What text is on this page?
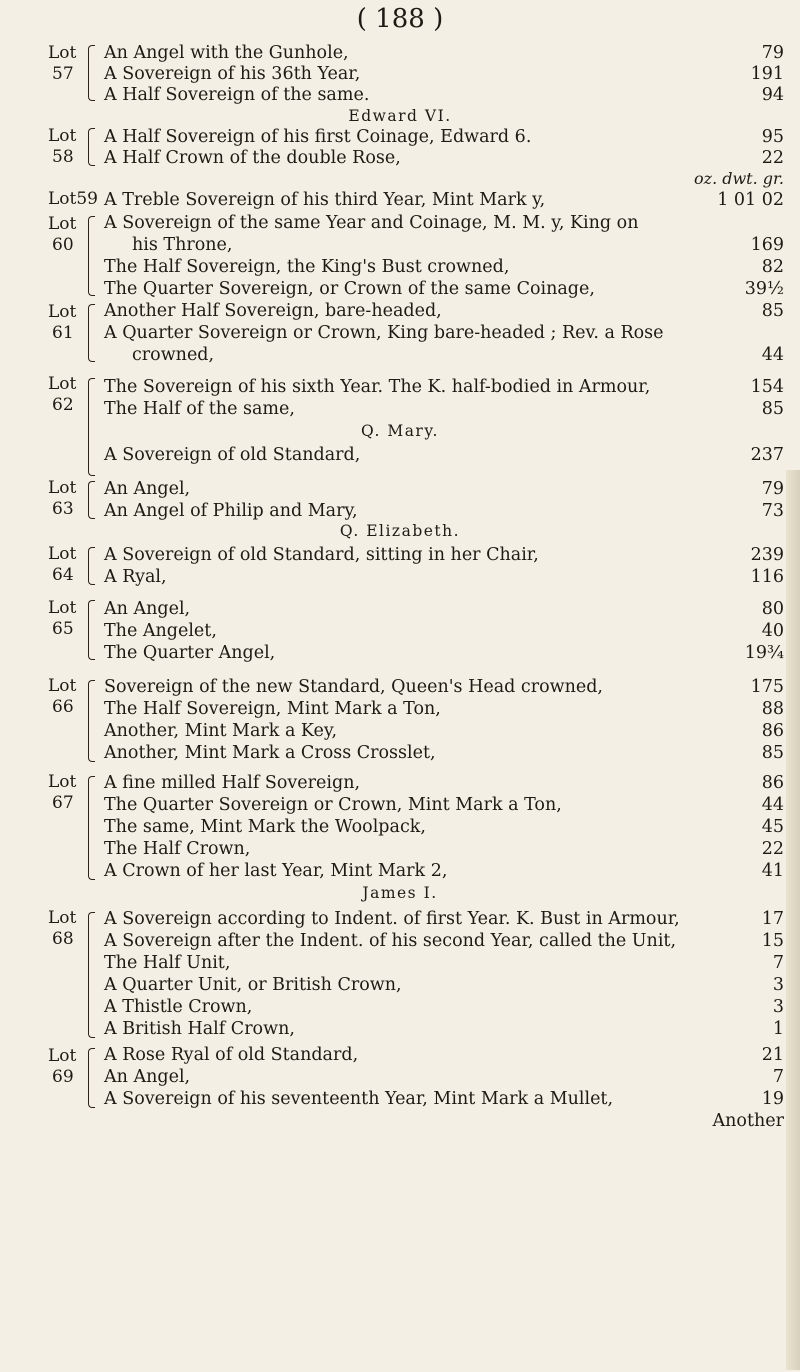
( 188 )
Lot
57
An Angel with the Gunhole,	79
A Sovereign of his 36th Year,	191
A Half Sovereign of the same.	94
Edward VI.
Lot
58
A Half Sovereign of his first Coinage, Edward 6.	95
A Half Crown of the double Rose,	22
oz. dwt. gr.
Lot59 A Treble Sovereign of his third Year, Mint Mark y,	1 01 02
Lot
60
A Sovereign of the same Year and Coinage, M. M. y, King on
his Throne,	169
The Half Sovereign, the King's Bust crowned,	82
The Quarter Sovereign, or Crown of the same Coinage,	39½
Lot
61
Another Half Sovereign, bare-headed,	85
A Quarter Sovereign or Crown, King bare-headed ; Rev. a Rose
crowned,	44
Lot
62
The Sovereign of his sixth Year. The K. half-bodied in Armour,	154
The Half of the same,	85
Q. Mary.
A Sovereign of old Standard,	237
Lot
63
An Angel,	79
An Angel of Philip and Mary,	73
Q. Elizabeth.
Lot
64
A Sovereign of old Standard, sitting in her Chair,	239
A Ryal,	116
Lot
65
An Angel,	80
The Angelet,	40
The Quarter Angel,	19¾
Lot
66
Sovereign of the new Standard, Queen's Head crowned,	175
The Half Sovereign, Mint Mark a Ton,	88
Another, Mint Mark a Key,	86
Another, Mint Mark a Cross Crosslet,	85
Lot
67
A fine milled Half Sovereign,	86
The Quarter Sovereign or Crown, Mint Mark a Ton,	44
The same, Mint Mark the Woolpack,	45
The Half Crown,	22
A Crown of her last Year, Mint Mark 2,	41
James I.
Lot
68
A Sovereign according to Indent. of first Year. K. Bust in Armour,	17
A Sovereign after the Indent. of his second Year, called the Unit,	15
The Half Unit,	7
A Quarter Unit, or British Crown,	3
A Thistle Crown,	3
A British Half Crown,	1
Lot
69
A Rose Ryal of old Standard,	21
An Angel,	7
A Sovereign of his seventeenth Year, Mint Mark a Mullet,	19
Another
